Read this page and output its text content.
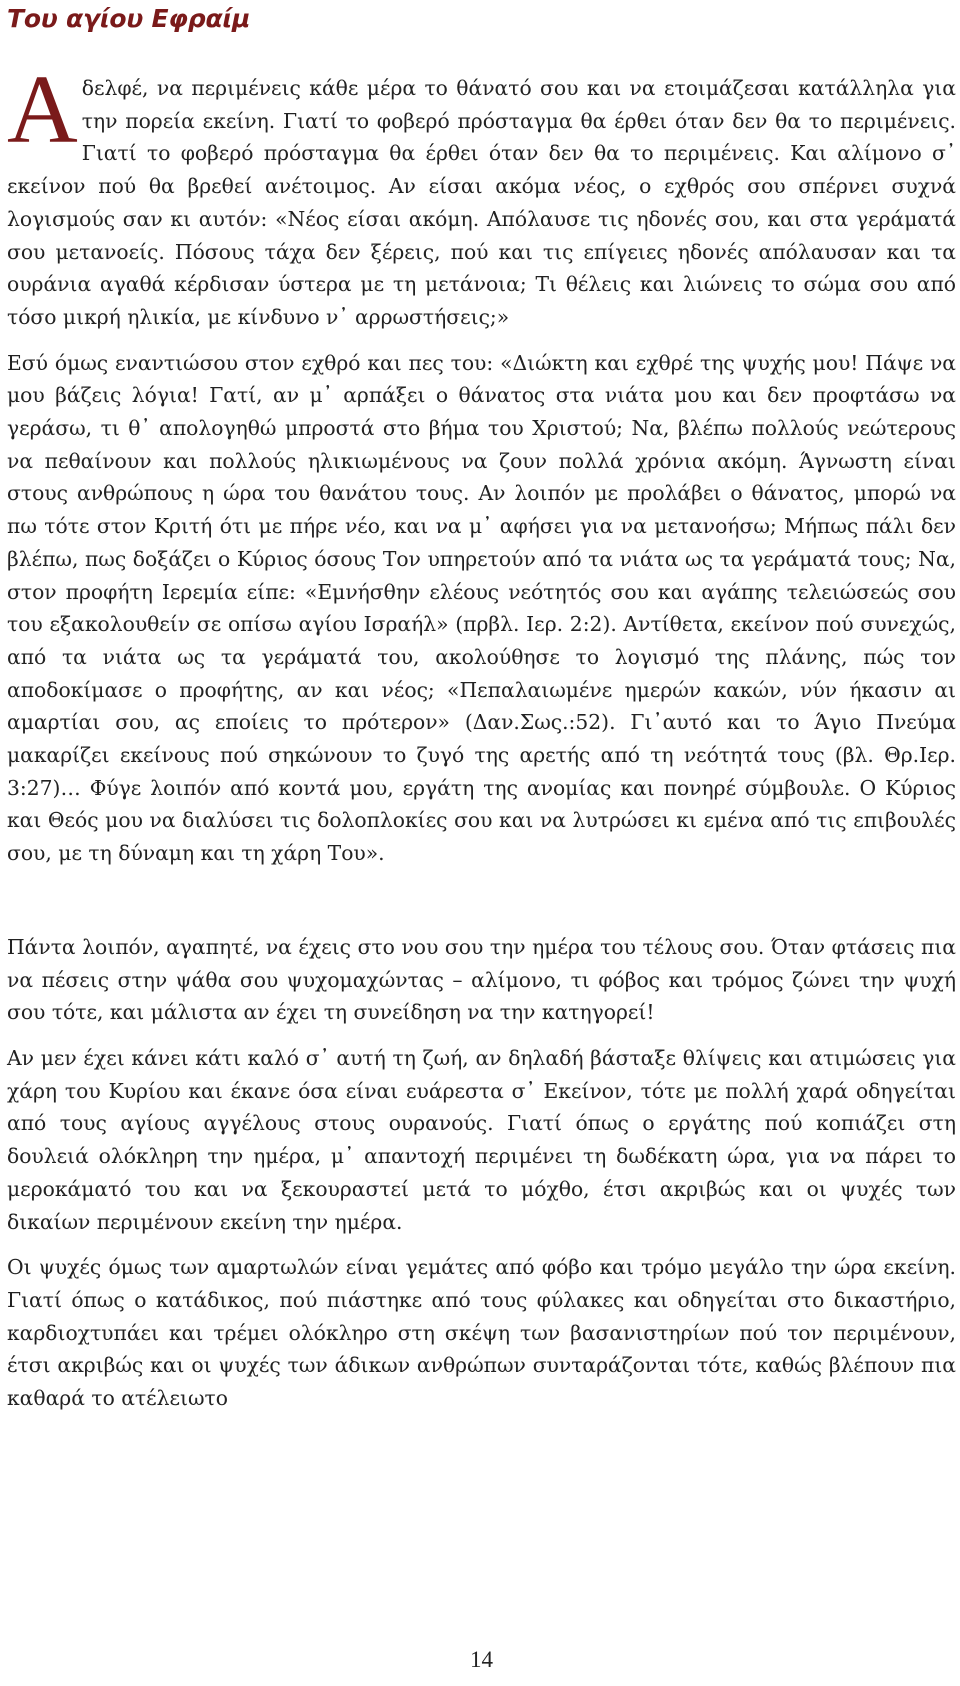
Του αγίου Εφραίμ

Αδελφέ, να περιμένεις κάθε μέρα το θάνατό σου και να ετοιμάζεσαι κατάλληλα για την πορεία εκείνη. Γιατί το φοβερό πρόσταγμα θα έρθει όταν δεν θα το περιμένεις. Γιατί το φοβερό πρόσταγμα θα έρθει όταν δεν θα το περιμένεις. Και αλίμονο σ᾽ εκείνον πού θα βρεθεί ανέτοιμος. Αν είσαι ακόμα νέος, ο εχθρός σου σπέρνει συχνά λογισμούς σαν κι αυτόν: «Νέος είσαι ακόμη. Απόλαυσε τις ηδονές σου, και στα γεράματά σου μετανοείς. Πόσους τάχα δεν ξέρεις, πού και τις επίγειες ηδονές απόλαυσαν και τα ουράνια αγαθά κέρδισαν ύστερα με τη μετάνοια; Τι θέλεις και λιώνεις το σώμα σου από τόσο μικρή ηλικία, με κίνδυνο ν᾽ αρρωστήσεις;»

Εσύ όμως εναντιώσου στον εχθρό και πες του: «Διώκτη και εχθρέ της ψυχής μου! Πάψε να μου βάζεις λόγια! Γατί, αν μ᾽ αρπάξει ο θάνατος στα νιάτα μου και δεν προφτάσω να γεράσω, τι θ᾽ απολογηθώ μπροστά στο βήμα του Χριστού; Να, βλέπω πολλούς νεώτερους να πεθαίνουν και πολλούς ηλικιωμένους να ζουν πολλά χρόνια ακόμη. Άγνωστη είναι στους ανθρώπους η ώρα του θανάτου τους. Αν λοιπόν με προλάβει ο θάνατος, μπορώ να πω τότε στον Κριτή ότι με πήρε νέο, και να μ᾽ αφήσει για να μετανοήσω; Μήπως πάλι δεν βλέπω, πως δοξάζει ο Κύριος όσους Τον υπηρετούν από τα νιάτα ως τα γεράματά τους; Να, στον προφήτη Ιερεμία είπε: «Εμνήσθην ελέους νεότητός σου και αγάπης τελειώσεώς σου του εξακολουθείν σε οπίσω αγίου Ισραήλ» (πρβλ. Ιερ. 2:2). Αντίθετα, εκείνον πού συνεχώς, από τα νιάτα ως τα γεράματά του, ακολούθησε το λογισμό της πλάνης, πώς τον αποδοκίμασε ο προφήτης, αν και νέος; «Πεπαλαιωμένε ημερών κακών, νύν ήκασιν αι αμαρτίαι σου, ας εποίεις το πρότερον» (Δαν.Σως.:52). Γι᾽αυτό και το Άγιο Πνεύμα μακαρίζει εκείνους πού σηκώνουν το ζυγό της αρετής από τη νεότητά τους (βλ. Θρ.Ιερ. 3:27)… Φύγε λοιπόν από κοντά μου, εργάτη της ανομίας και πονηρέ σύμβουλε. Ο Κύριος και Θεός μου να διαλύσει τις δολοπλοκίες σου και να λυτρώσει κι εμένα από τις επιβουλές σου, με τη δύναμη και τη χάρη Του».

Πάντα λοιπόν, αγαπητέ, να έχεις στο νου σου την ημέρα του τέλους σου. Όταν φτάσεις πια να πέσεις στην ψάθα σου ψυχομαχώντας – αλίμονο, τι φόβος και τρόμος ζώνει την ψυχή σου τότε, και μάλιστα αν έχει τη συνείδηση να την κατηγορεί!

Αν μεν έχει κάνει κάτι καλό σ᾽ αυτή τη ζωή, αν δηλαδή βάσταξε θλίψεις και ατιμώσεις για χάρη του Κυρίου και έκανε όσα είναι ευάρεστα σ᾽ Εκείνον, τότε με πολλή χαρά οδηγείται από τους αγίους αγγέλους στους ουρανούς. Γιατί όπως ο εργάτης πού κοπιάζει στη δουλειά ολόκληρη την ημέρα, μ᾽ απαντοχή περιμένει τη δωδέκατη ώρα, για να πάρει το μεροκάματό του και να ξεκουραστεί μετά το μόχθο, έτσι ακριβώς και οι ψυχές των δικαίων περιμένουν εκείνη την ημέρα.

Οι ψυχές όμως των αμαρτωλών είναι γεμάτες από φόβο και τρόμο μεγάλο την ώρα εκείνη. Γιατί όπως ο κατάδικος, πού πιάστηκε από τους φύλακες και οδηγείται στο δικαστήριο, καρδιοχτυπάει και τρέμει ολόκληρο στη σκέψη των βασανιστηρίων πού τον περιμένουν, έτσι ακριβώς και οι ψυχές των άδικων ανθρώπων συνταράζονται τότε, καθώς βλέπουν πια καθαρά το ατέλειωτο

14
